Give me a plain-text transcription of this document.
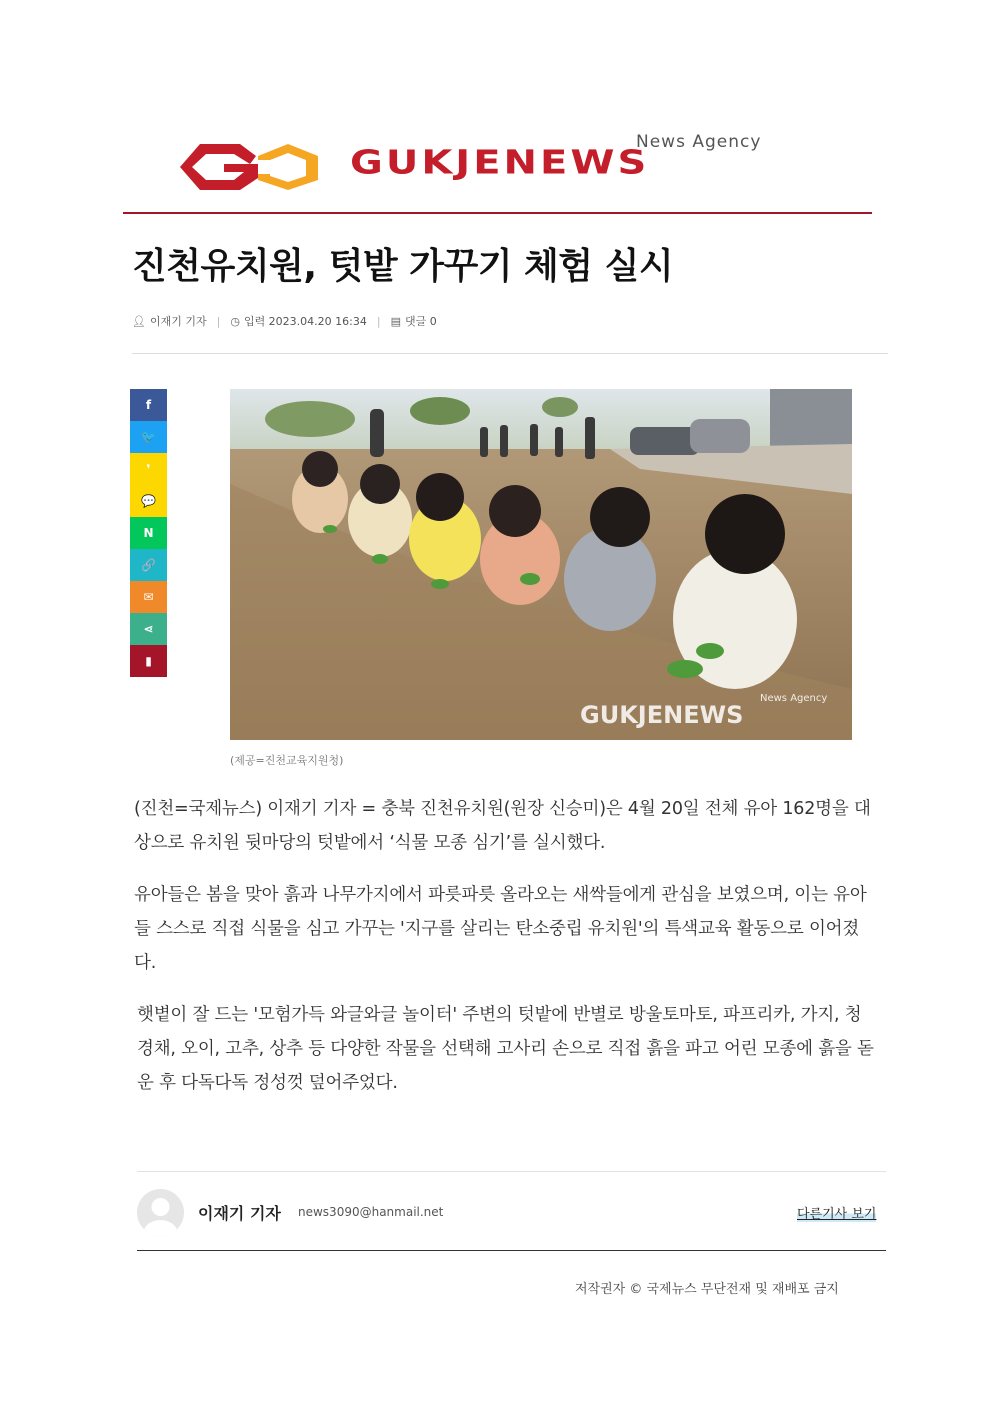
News Agency
GUKJENEWS
진천유치원, 텃밭 가꾸기 체험 실시
👤︎ 이재기 기자 | ◷ 입력 2023.04.20 16:34 | ▤ 댓글 0
f
🐦
❜
💬
N
🔗
✉
⋖
▮
News Agency
GUKJENEWS
(제공=진천교육지원청)

(진천=국제뉴스) 이재기 기자 = 충북 진천유치원(원장 신승미)은 4월 20일 전체 유아 162명을 대상으로 유치원 뒷마당의 텃밭에서 ‘식물 모종 심기’를 실시했다.

유아들은 봄을 맞아 흙과 나무가지에서 파릇파릇 올라오는 새싹들에게 관심을 보였으며, 이는 유아들 스스로 직접 식물을 심고 가꾸는 '지구를 살리는 탄소중립 유치원'의 특색교육 활동으로 이어졌다.

햇볕이 잘 드는 '모험가득 와글와글 놀이터' 주변의 텃밭에 반별로 방울토마토, 파프리카, 가지, 청경채, 오이, 고추, 상추 등 다양한 작물을 선택해 고사리 손으로 직접 흙을 파고 어린 모종에 흙을 돋운 후 다독다독 정성껏 덮어주었다.

이재기 기자 news3090@hanmail.net	다른기사 보기
저작권자 © 국제뉴스 무단전재 및 재배포 금지
